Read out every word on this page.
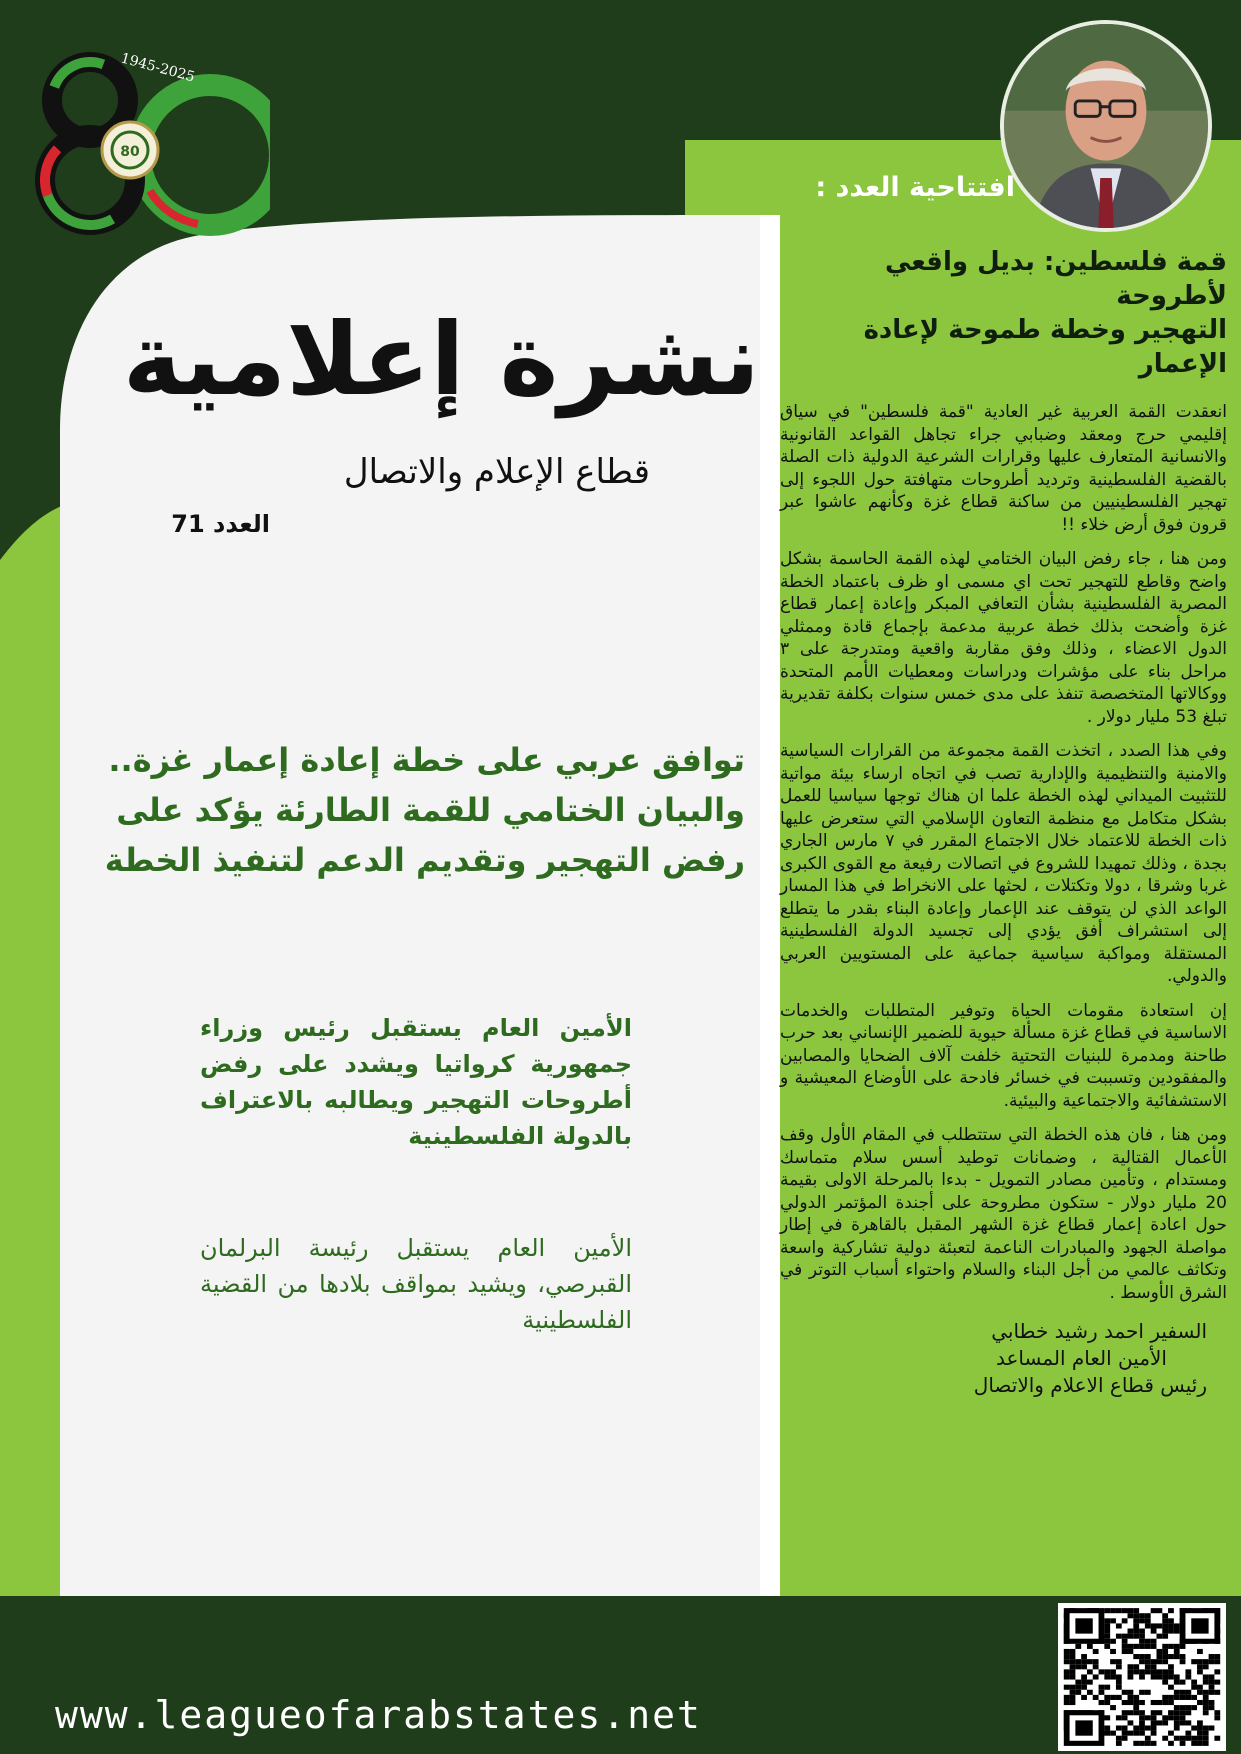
80
1945-2025
افتتاحية العدد :
نشرة إعلامية
قطاع الإعلام والاتصال
العدد 71
توافق عربي على خطة إعادة إعمار غزة..
والبيان الختامي للقمة الطارئة يؤكد على
رفض التهجير وتقديم الدعم لتنفيذ الخطة
الأمين العام يستقبل رئيس وزراء جمهورية كرواتيا ويشدد على رفض أطروحات التهجير ويطالبه بالاعتراف بالدولة الفلسطينية
الأمين العام يستقبل رئيسة البرلمان القبرصي، ويشيد بمواقف بلادها من القضية الفلسطينية
قمة فلسطين: بديل واقعي لأطروحة
التهجير وخطة طموحة لإعادة الإعمار

انعقدت القمة العربية غير العادية "قمة فلسطين" في سياق إقليمي حرج ومعقد وضبابي جراء تجاهل القواعد القانونية والانسانية المتعارف عليها وقرارات الشرعية الدولية ذات الصلة بالقضية الفلسطينية وترديد أطروحات متهافتة حول اللجوء إلى تهجير الفلسطينيين من ساكنة قطاع غزة وكأنهم عاشوا عبر قرون فوق أرض خلاء !!

ومن هنا ، جاء رفض البيان الختامي لهذه القمة الحاسمة بشكل واضح وقاطع للتهجير تحت اي مسمى او ظرف باعتماد الخطة المصرية الفلسطينية بشأن التعافي المبكر وإعادة إعمار قطاع غزة وأضحت بذلك خطة عربية مدعمة بإجماع قادة وممثلي الدول الاعضاء ، وذلك وفق مقاربة واقعية ومتدرجة على ٣ مراحل بناء على مؤشرات ودراسات ومعطيات الأمم المتحدة ووكالاتها المتخصصة تنفذ على مدى خمس سنوات بكلفة تقديرية تبلغ 53 مليار دولار .

وفي هذا الصدد ، اتخذت القمة مجموعة من القرارات السياسية والامنية والتنظيمية والإدارية تصب في اتجاه ارساء بيئة مواتية للتثبيت الميداني لهذه الخطة علما ان هناك توجها سياسيا للعمل بشكل متكامل مع منظمة التعاون الإسلامي التي ستعرض عليها ذات الخطة للاعتماد خلال الاجتماع المقرر في ٧ مارس الجاري بجدة ، وذلك تمهيدا للشروع في اتصالات رفيعة مع القوى الكبرى غربا وشرقا ، دولا وتكتلات ، لحثها على الانخراط في هذا المسار الواعد الذي لن يتوقف عند الإعمار وإعادة البناء بقدر ما يتطلع إلى استشراف أفق يؤدي إلى تجسيد الدولة الفلسطينية المستقلة ومواكبة سياسية جماعية على المستويين العربي والدولي.

إن استعادة مقومات الحياة وتوفير المتطلبات والخدمات الاساسية في قطاع غزة مسألة حيوية للضمير الإنساني بعد حرب طاحنة ومدمرة للبنيات التحتية خلفت آلاف الضحايا والمصابين والمفقودين وتسببت في خسائر فادحة على الأوضاع المعيشية و الاستشفائية والاجتماعية والبيئية.

ومن هنا ، فان هذه الخطة التي ستتطلب في المقام الأول وقف الأعمال القتالية ، وضمانات توطيد أسس سلام متماسك ومستدام ، وتأمين مصادر التمويل - بدءا بالمرحلة الاولى بقيمة 20 مليار دولار - ستكون مطروحة على أجندة المؤتمر الدولي حول اعادة إعمار قطاع غزة الشهر المقبل بالقاهرة في إطار مواصلة الجهود والمبادرات الناعمة لتعبئة دولية تشاركية واسعة وتكاثف عالمي من أجل البناء والسلام واحتواء أسباب التوتر في الشرق الأوسط .

السفير احمد رشيد خطابي
الأمين العام المساعد
رئيس قطاع الاعلام والاتصال
www.leagueofarabstates.net
